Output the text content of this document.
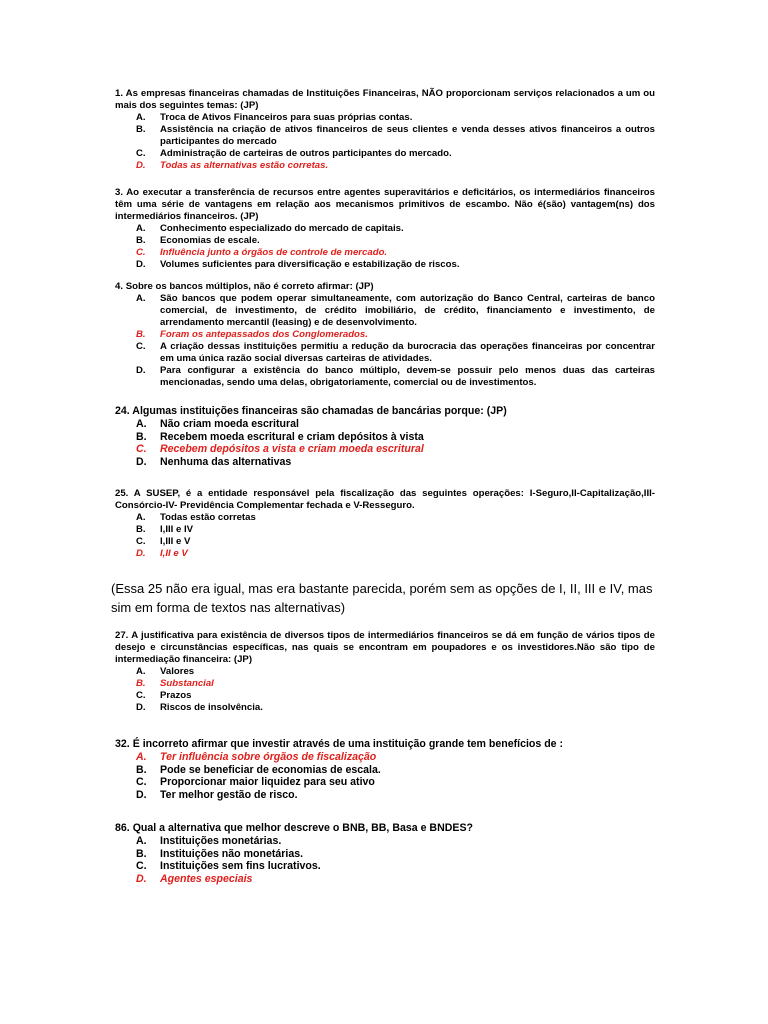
1. As empresas financeiras chamadas de Instituições Financeiras, NÃO proporcionam serviços relacionados a um ou mais dos seguintes temas: (JP)

A.	Troca de Ativos Financeiros para suas próprias contas.
B.	Assistência na criação de ativos financeiros de seus clientes e venda desses ativos financeiros a outros participantes do mercado
C.	Administração de carteiras de outros participantes do mercado.
D.	Todas as alternativas estão corretas.

3. Ao executar a transferência de recursos entre agentes superavitários e deficitários, os intermediários financeiros têm uma série de vantagens em relação aos mecanismos primitivos de escambo. Não é(são) vantagem(ns) dos intermediários financeiros. (JP)

A.	Conhecimento especializado do mercado de capitais.
B.	Economias de escale.
C.	Influência junto a órgãos de controle de mercado.
D.	Volumes suficientes para diversificação e estabilização de riscos.

4. Sobre os bancos múltiplos, não é correto afirmar: (JP)

A.	São bancos que podem operar simultaneamente, com autorização do Banco Central, carteiras de banco comercial, de investimento, de crédito imobiliário, de crédito, financiamento e investimento, de arrendamento mercantil (leasing) e de desenvolvimento.
B.	Foram os antepassados dos Conglomerados.
C.	A criação dessas instituições permitiu a redução da burocracia das operações financeiras por concentrar em uma única razão social diversas carteiras de atividades.
D.	Para configurar a existência do banco múltiplo, devem-se possuir pelo menos duas das carteiras mencionadas, sendo uma delas, obrigatoriamente, comercial ou de investimentos.

24. Algumas instituições financeiras são chamadas de bancárias porque: (JP)

A.	Não criam moeda escritural
B.	Recebem moeda escritural e criam depósitos à vista
C.	Recebem depósitos a vista e criam moeda escritural
D.	Nenhuma das alternativas

25. A SUSEP, é a entidade responsável pela fiscalização das seguintes operações: I-Seguro,II-Capitalização,III-Consórcio-IV- Previdência Complementar fechada e V-Resseguro.

A.	Todas estão corretas
B.	I,III e IV
C.	I,III e V
D.	I,II e V

(Essa 25 não era igual, mas era bastante parecida, porém sem as opções de I, II, III e IV, mas sim em forma de textos nas alternativas)

27. A justificativa para existência de diversos tipos de intermediários financeiros se dá em função de vários tipos de desejo e circunstâncias específicas, nas quais se encontram em poupadores e os investidores.Não são tipo de intermediação financeira: (JP)

A.	Valores
B.	Substancial
C.	Prazos
D.	Riscos de insolvência.

32. É incorreto afirmar que investir através de uma instituição grande tem benefícios de :

A.	Ter influência sobre órgãos de fiscalização
B.	Pode se beneficiar de economias de escala.
C.	Proporcionar maior liquidez para seu ativo
D.	Ter melhor gestão de risco.

86. Qual a alternativa que melhor descreve o BNB, BB, Basa e BNDES?

A.	Instituições monetárias.
B.	Instituições não monetárias.
C.	Instituições sem fins lucrativos.
D.	Agentes especiais
